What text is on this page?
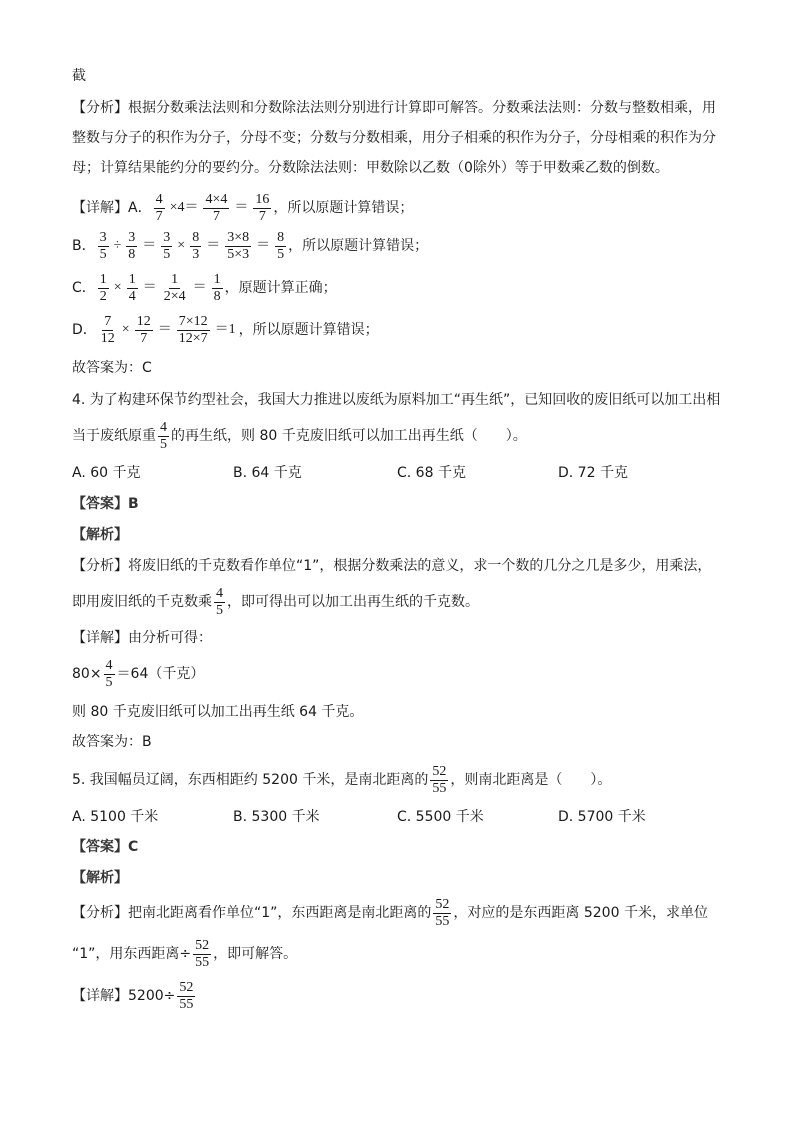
截
【分析】根据分数乘法法则和分数除法法则分别进行计算即可解答。分数乘法法则：分数与整数相乘，用
整数与分子的积作为分子，分母不变；分数与分数相乘，用分子相乘的积作为分子，分母相乘的积作为分
母；计算结果能约分的要约分。分数除法法则：甲数除以乙数（0除外）等于甲数乘乙数的倒数。
【详解】A． $\frac{4}{7} \times 4= \frac{4\times 4}{7} = \frac{16}{7}$ ，所以原题计算错误；
B． $\frac{3}{5} \div \frac{3}{8} = \frac{3}{5} \times \frac{8}{3} = \frac{3\times 8}{5\times 3} = \frac{8}{5}$ ，所以原题计算错误；
C． $\frac{1}{2} \times \frac{1}{4} = \frac{1}{2\times 4} = \frac{1}{8}$ ，原题计算正确；
D． $\frac{7}{12} \times \frac{12}{7} = \frac{7\times 12}{12\times 7} =1$ ，所以原题计算错误；
故答案为：C
4. 为了构建环保节约型社会，我国大力推进以废纸为原料加工“再生纸”，已知回收的废旧纸可以加工出相
当于废纸原重 $\frac{4}{5}$ 的再生纸，则 80 千克废旧纸可以加工出再生纸（　　）。
A. 60 千克	B. 64 千克	C. 68 千克	D. 72 千克
【答案】B
【解析】
【分析】将废旧纸的千克数看作单位“1”，根据分数乘法的意义，求一个数的几分之几是多少，用乘法，
即用废旧纸的千克数乘 $\frac{4}{5}$ ，即可得出可以加工出再生纸的千克数。
【详解】由分析可得：
$80\times \frac{4}{5} =64$（千克）
则 80 千克废旧纸可以加工出再生纸 64 千克。
故答案为：B
5. 我国幅员辽阔，东西相距约 5200 千米，是南北距离的 $\frac{52}{55}$ ，则南北距离是（　　）。
A. 5100 千米	B. 5300 千米	C. 5500 千米	D. 5700 千米
【答案】C
【解析】
【分析】把南北距离看作单位“1”，东西距离是南北距离的 $\frac{52}{55}$ ，对应的是东西距离 5200 千米，求单位
“1”，用东西距离÷ $\frac{52}{55}$ ，即可解答。
【详解】$5200\div \frac{52}{55}$
